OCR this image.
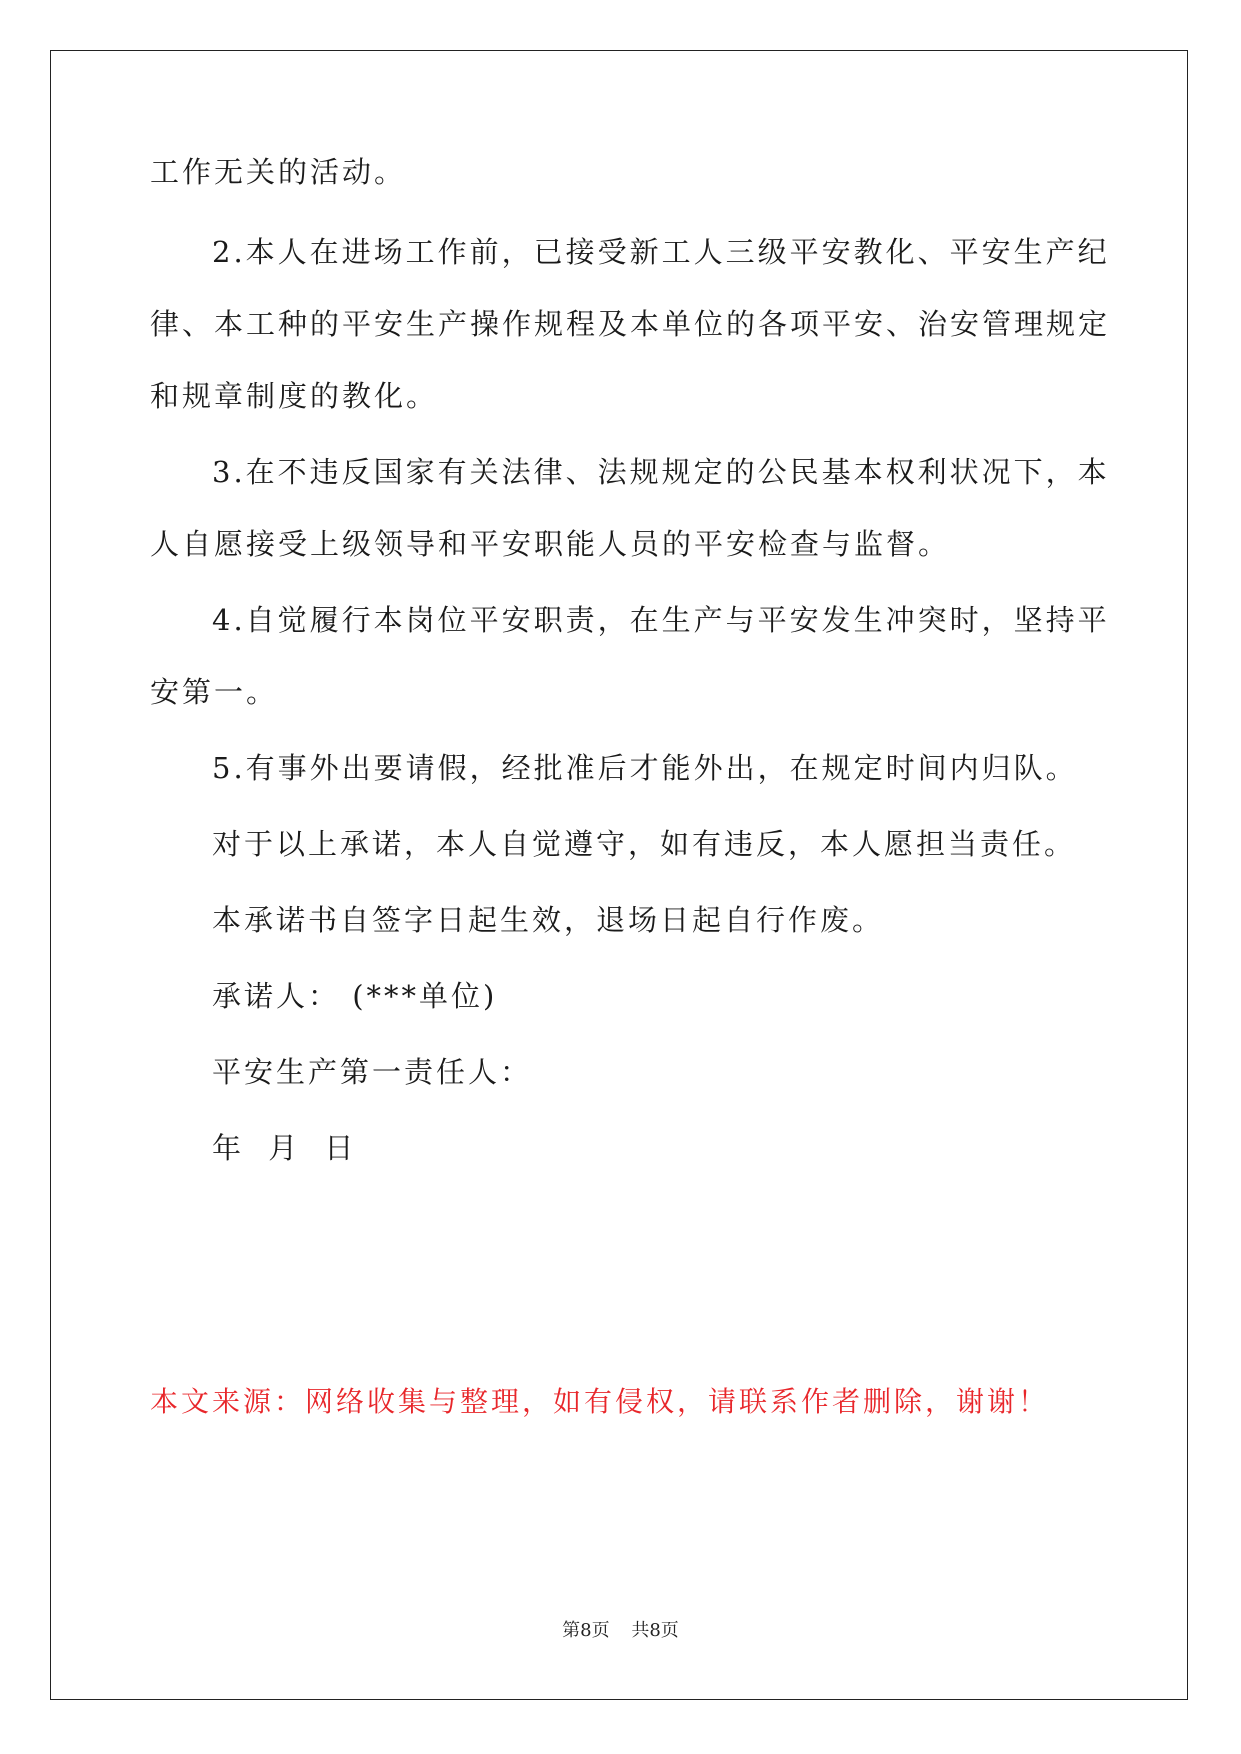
工作无关的活动。
2.本人在进场工作前，已接受新工人三级平安教化、平安生产纪
律、本工种的平安生产操作规程及本单位的各项平安、治安管理规定
和规章制度的教化。
3.在不违反国家有关法律、法规规定的公民基本权利状况下，本
人自愿接受上级领导和平安职能人员的平安检查与监督。
4.自觉履行本岗位平安职责，在生产与平安发生冲突时，坚持平
安第一。
5.有事外出要请假，经批准后才能外出，在规定时间内归队。
对于以上承诺，本人自觉遵守，如有违反，本人愿担当责任。
本承诺书自签字日起生效，退场日起自行作废。
承诺人： (***单位)
平安生产第一责任人：
年 月 日
本文来源：网络收集与整理，如有侵权，请联系作者删除，谢谢！
第8页 共8页
